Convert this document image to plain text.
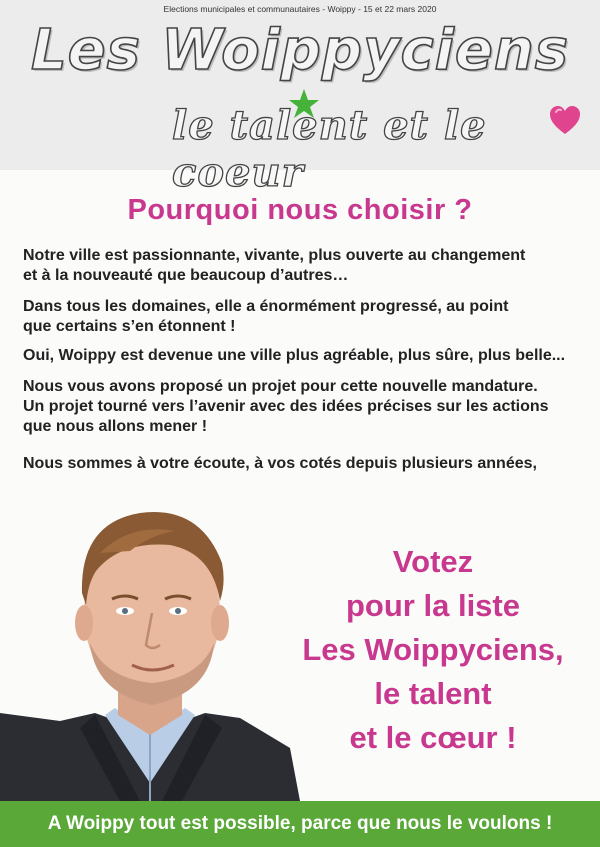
Elections municipales et communautaires - Woippy - 15 et 22 mars 2020
Les Woippyciens
le talent et le coeur
Pourquoi nous choisir ?
Notre ville est passionnante, vivante, plus ouverte au changement
et à la nouveauté que beaucoup d’autres…
Dans tous les domaines, elle a énormément progressé, au point
que certains s’en étonnent !
Oui, Woippy est devenue une ville plus agréable, plus sûre, plus belle...
Nous vous avons proposé un projet pour cette nouvelle mandature.
Un projet tourné vers l’avenir avec des idées précises sur les actions
que nous allons mener !
Nous sommes à votre écoute, à vos cotés depuis plusieurs années,
Votez
pour la liste
Les Woippyciens,
le talent
et le cœur !
A Woippy tout est possible, parce que nous le voulons !
